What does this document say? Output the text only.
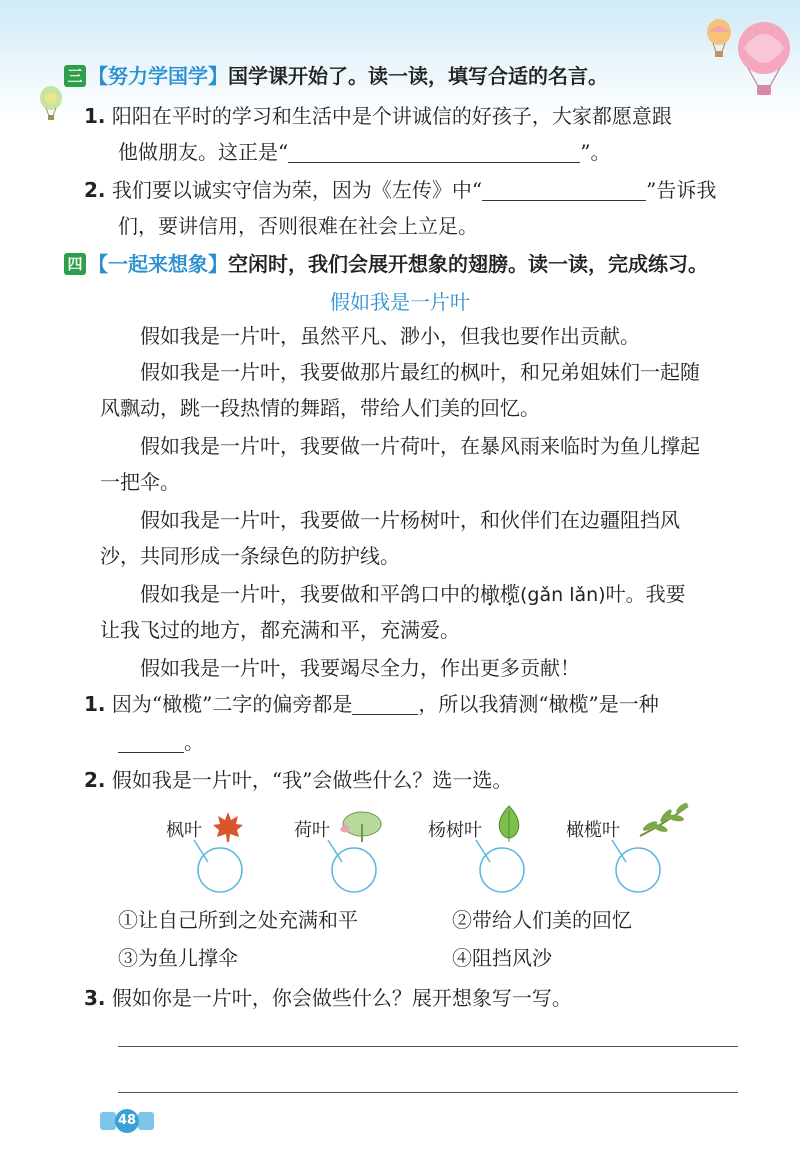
三 【努力学国学】国学课开始了。读一读，填写合适的名言。
1. 阳阳在平时的学习和生活中是个讲诚信的好孩子，大家都愿意跟
他做朋友。这正是“	”。
2. 我们要以诚实守信为荣，因为《左传》中“	”告诉我
们，要讲信用，否则很难在社会上立足。
四 【一起来想象】空闲时，我们会展开想象的翅膀。读一读，完成练习。
假如我是一片叶
假如我是一片叶，虽然平凡、渺小，但我也要作出贡献。
假如我是一片叶，我要做那片最红的枫叶，和兄弟姐妹们一起随
风飘动，跳一段热情的舞蹈，带给人们美的回忆。
假如我是一片叶，我要做一片荷叶，在暴风雨来临时为鱼儿撑起
一把伞。
假如我是一片叶，我要做一片杨树叶，和伙伴们在边疆阻挡风
沙，共同形成一条绿色的防护线。
假如我是一片叶，我要做和平鸽口中的橄榄(gǎn lǎn)叶。我要
让我飞过的地方，都充满和平，充满爱。
假如我是一片叶，我要竭尽全力，作出更多贡献！
1. 因为“橄榄”二字的偏旁都是	，所以我猜测“橄榄”是一种
。
2. 假如我是一片叶，“我”会做些什么？选一选。
枫叶	荷叶	杨树叶	橄榄叶
①让自己所到之处充满和平	②带给人们美的回忆
③为鱼儿撑伞	④阻挡风沙
3. 假如你是一片叶，你会做些什么？展开想象写一写。
48
